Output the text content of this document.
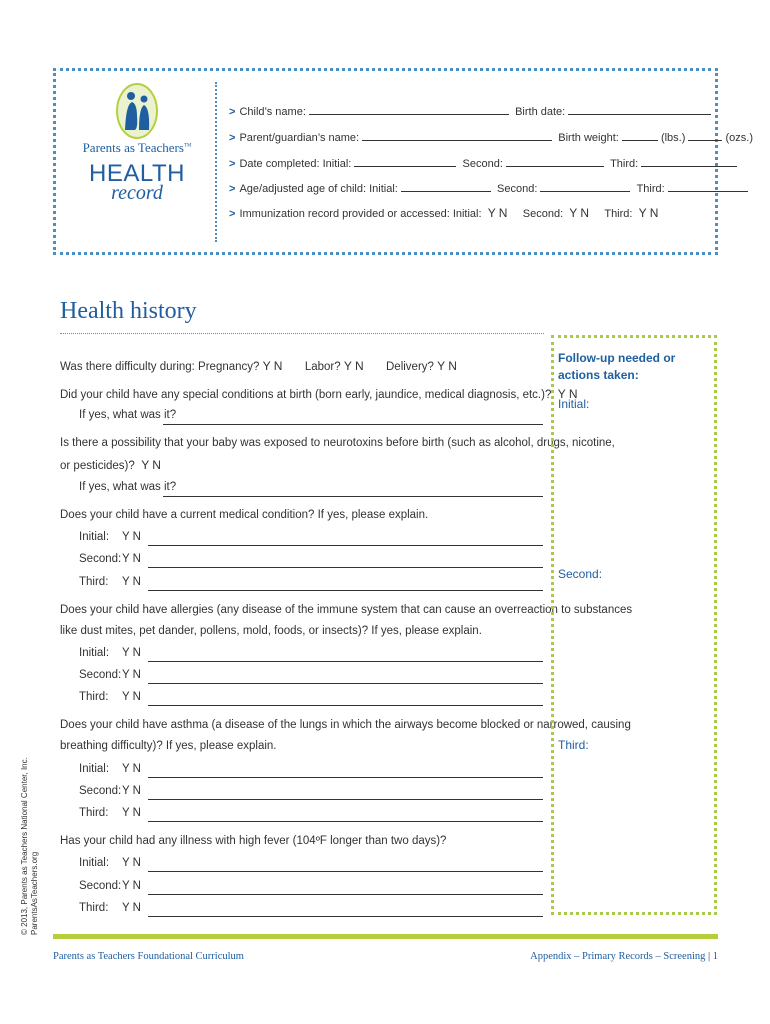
Parents as Teachers™
HEALTH
record
> Child’s name:	Birth date:
> Parent/guardian’s name:	Birth weight:	(lbs.)	(ozs.)
> Date completed: Initial:	Second:	Third:
> Age/adjusted age of child: Initial:	Second:	Third:
> Immunization record provided or accessed: Initial: Y N Second: Y N Third: Y N
Health history
Was there difficulty during: Pregnancy? Y N Labor? Y N Delivery? Y N
Did your child have any special conditions at birth (born early, jaundice, medical diagnosis, etc.)? Y N
If yes, what was it?
Is there a possibility that your baby was exposed to neurotoxins before birth (such as alcohol, drugs, nicotine,
or pesticides)? Y N
If yes, what was it?
Does your child have a current medical condition? If yes, please explain.
Initial: Y N
Second: Y N
Third: Y N
Does your child have allergies (any disease of the immune system that can cause an overreaction to substances
like dust mites, pet dander, pollens, mold, foods, or insects)? If yes, please explain.
Initial: Y N
Second: Y N
Third: Y N
Does your child have asthma (a disease of the lungs in which the airways become blocked or narrowed, causing
breathing difficulty)? If yes, please explain.
Initial: Y N
Second: Y N
Third: Y N
Has your child had any illness with high fever (104ºF longer than two days)?
Initial: Y N
Second: Y N
Third: Y N
Follow-up needed or actions taken:
Initial:
Second:
Third:
© 2013, Parents as Teachers National Center, Inc. ParentsAsTeachers.org
Parents as Teachers Foundational Curriculum	Appendix – Primary Records – Screening | 1
